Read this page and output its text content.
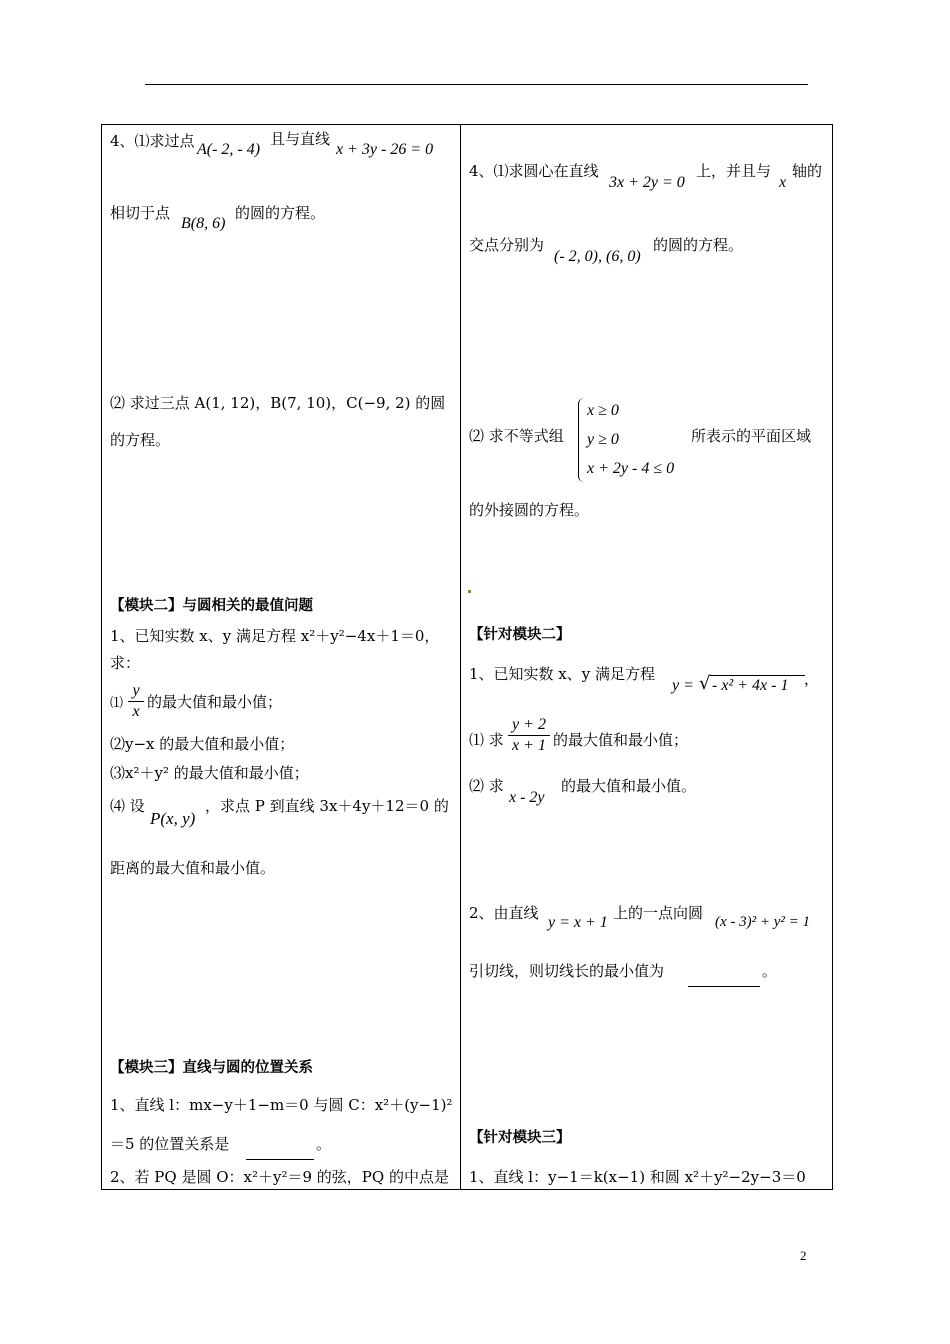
4、⑴求过点 A(- 2, - 4)
且与直线
x + 3y - 26 = 0
相切于点
B(8, 6)
的圆的方程。
⑵ 求过三点 A(1, 12)，B(7, 10)，C(−9, 2) 的圆
的方程。
【模块二】与圆相关的最值问题
1、已知实数 x、y 满足方程 x²＋y²−4x＋1＝0，
求：
⑴
y
x
的最大值和最小值；
⑵y−x 的最大值和最小值；
⑶x²＋y² 的最大值和最小值；
⑷ 设
P(x, y)
，求点 P 到直线 3x＋4y＋12＝0 的
距离的最大值和最小值。
【模块三】直线与圆的位置关系
1、直线 l：mx−y＋1−m＝0 与圆 C：x²＋(y−1)²
＝5 的位置关系是	。
2、若 PQ 是圆 O：x²＋y²＝9 的弦，PQ 的中点是
4、⑴求圆心在直线
3x + 2y = 0
上，并且与
x
轴的
交点分别为
(- 2, 0), (6, 0)
的圆的方程。
⑵ 求不等式组
x ≥ 0
y ≥ 0
x + 2y - 4 ≤ 0
所表示的平面区域
的外接圆的方程。
【针对模块二】
1、已知实数 x、y 满足方程
y = √ - x² + 4x - 1 ，
⑴ 求
y + 2
x + 1 的最大值和最小值；
⑵ 求
x - 2y
的最大值和最小值。
2、由直线
y = x + 1
上的一点向圆 (x - 3)² + y² = 1
引切线，则切线长的最小值为	。
【针对模块三】
1、直线 l：y−1＝k(x−1) 和圆 x²＋y²−2y−3＝0
2
